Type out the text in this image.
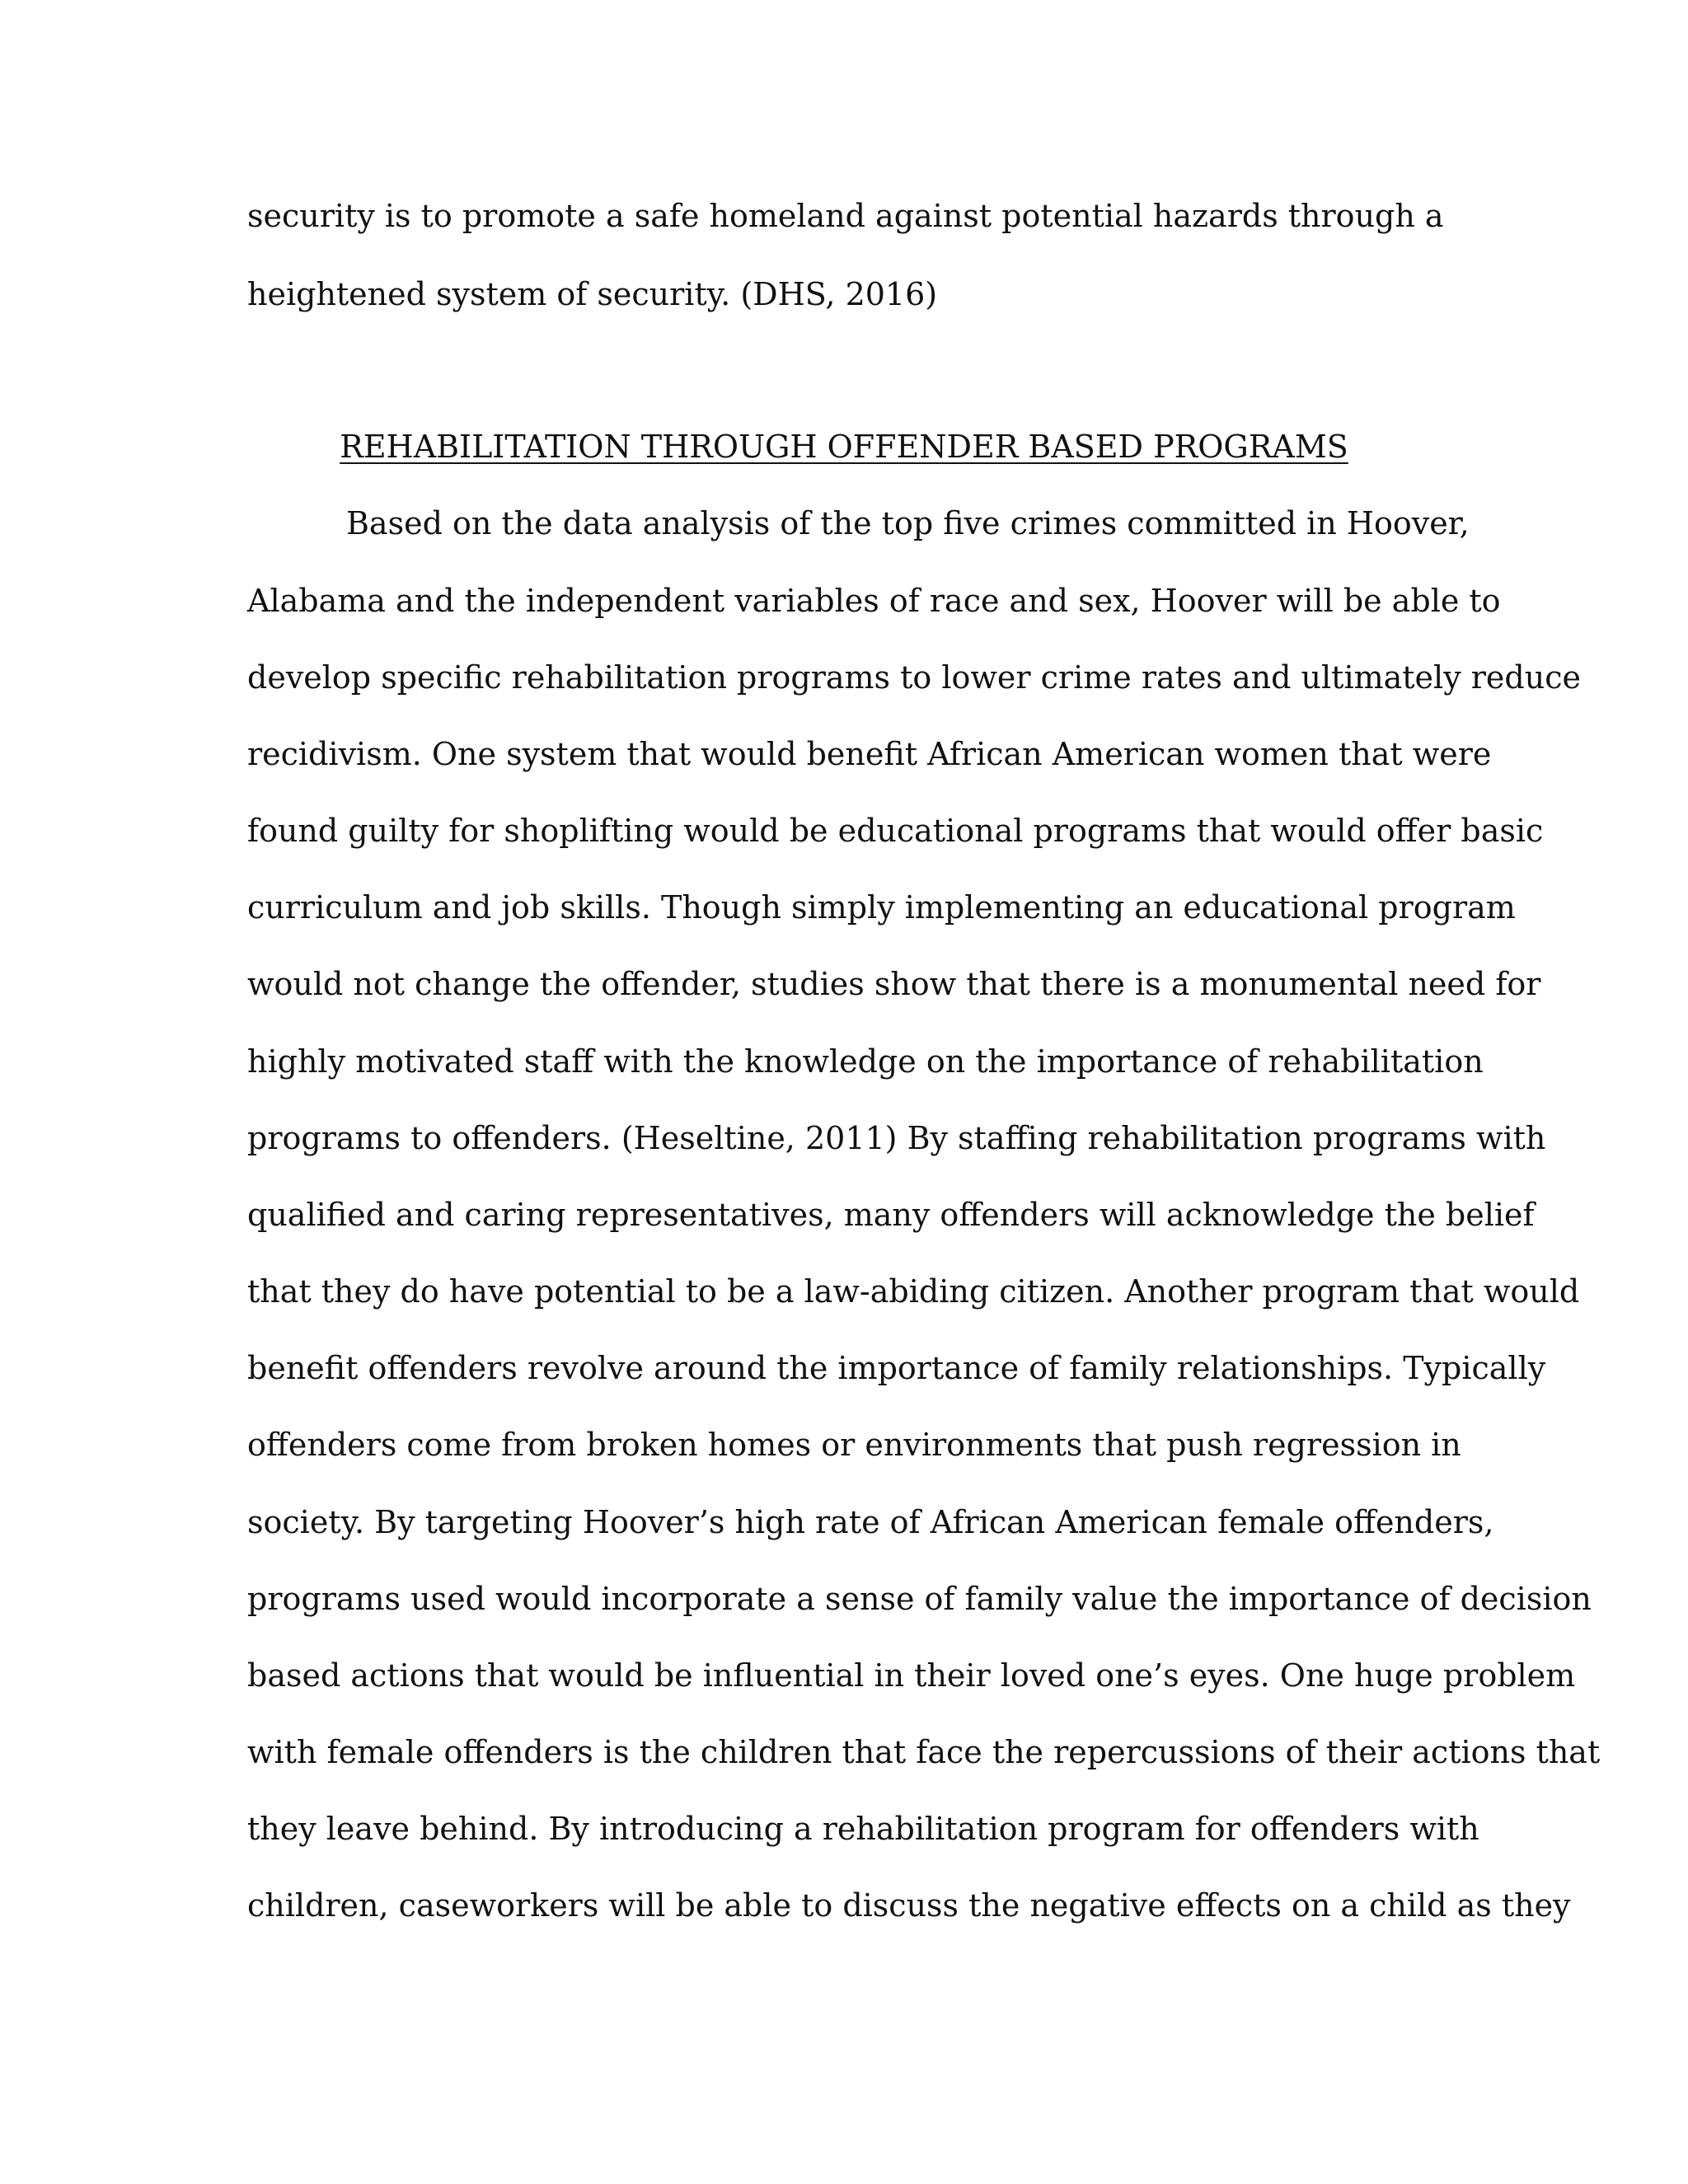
security is to promote a safe homeland against potential hazards through a
heightened system of security. (DHS, 2016)
REHABILITATION THROUGH OFFENDER BASED PROGRAMS
Based on the data analysis of the top five crimes committed in Hoover,
Alabama and the independent variables of race and sex, Hoover will be able to
develop specific rehabilitation programs to lower crime rates and ultimately reduce
recidivism. One system that would benefit African American women that were
found guilty for shoplifting would be educational programs that would offer basic
curriculum and job skills. Though simply implementing an educational program
would not change the offender, studies show that there is a monumental need for
highly motivated staff with the knowledge on the importance of rehabilitation
programs to offenders. (Heseltine, 2011) By staffing rehabilitation programs with
qualified and caring representatives, many offenders will acknowledge the belief
that they do have potential to be a law-abiding citizen. Another program that would
benefit offenders revolve around the importance of family relationships. Typically
offenders come from broken homes or environments that push regression in
society. By targeting Hoover’s high rate of African American female offenders,
programs used would incorporate a sense of family value the importance of decision
based actions that would be influential in their loved one’s eyes. One huge problem
with female offenders is the children that face the repercussions of their actions that
they leave behind. By introducing a rehabilitation program for offenders with
children, caseworkers will be able to discuss the negative effects on a child as they
